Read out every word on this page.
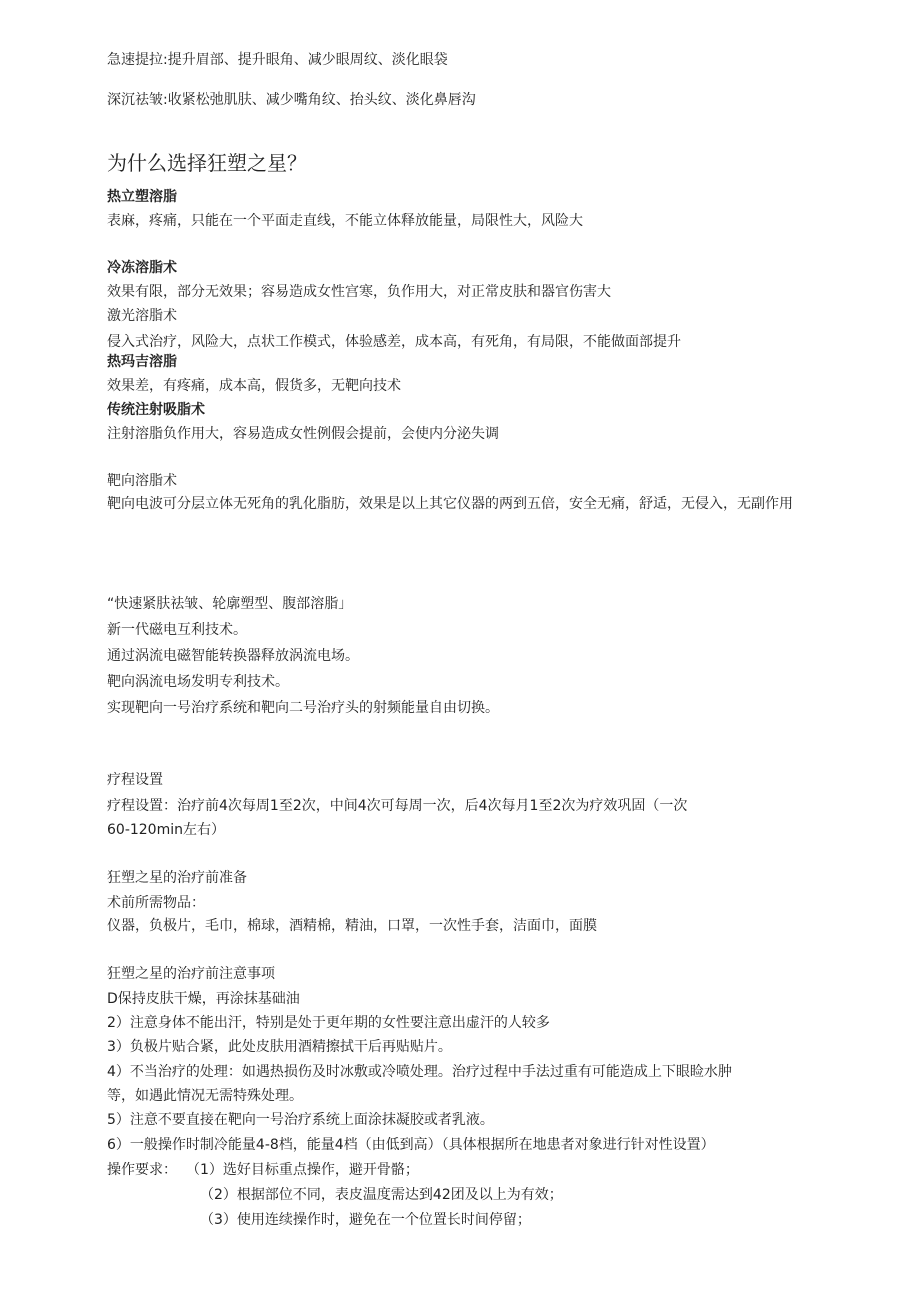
急速提拉:提升眉部、提升眼角、减少眼周纹、淡化眼袋
深沉祛皱:收紧松弛肌肤、减少嘴角纹、抬头纹、淡化鼻唇沟
为什么选择狂塑之星？
热立塑溶脂
表麻，疼痛，只能在一个平面走直线，不能立体释放能量，局限性大，风险大
冷冻溶脂术
效果有限，部分无效果；容易造成女性宫寒，负作用大，对正常皮肤和器官伤害大
激光溶脂术
侵入式治疗，风险大，点状工作模式，体验感差，成本高，有死角，有局限，不能做面部提升
热玛吉溶脂
效果差，有疼痛，成本高，假货多，无靶向技术
传统注射吸脂术
注射溶脂负作用大，容易造成女性例假会提前，会使内分泌失调
靶向溶脂术
靶向电波可分层立体无死角的乳化脂肪，效果是以上其它仪器的两到五倍，安全无痛，舒适，无侵入，无副作用
“快速紧肤祛皱、轮廓塑型、腹部溶脂」
新一代磁电互利技术。
通过涡流电磁智能转换器释放涡流电场。
靶向涡流电场发明专利技术。
实现靶向一号治疗系统和靶向二号治疗头的射频能量自由切换。
疗程设置
疗程设置：治疗前4次每周1至2次，中间4次可每周一次，后4次每月1至2次为疗效巩固（一次
60-120min左右）
狂塑之星的治疗前准备
术前所需物品：
仪器，负极片，毛巾，棉球，酒精棉，精油，口罩，一次性手套，洁面巾，面膜
狂塑之星的治疗前注意事项
D保持皮肤干燥，再涂抹基础油
2）注意身体不能出汗，特别是处于更年期的女性要注意出虚汗的人较多
3）负极片贴合紧，此处皮肤用酒精擦拭干后再贴贴片。
4）不当治疗的处理：如遇热损伤及时冰敷或冷喷处理。治疗过程中手法过重有可能造成上下眼睑水肿
等，如遇此情况无需特殊处理。
5）注意不要直接在靶向一号治疗系统上面涂抹凝胶或者乳液。
6）一般操作时制冷能量4-8档，能量4档（由低到高）（具体根据所在地患者对象进行针对性设置）
操作要求： （1）选好目标重点操作，避开骨骼；
（2）根据部位不同，表皮温度需达到42团及以上为有效；
（3）使用连续操作时，避免在一个位置长时间停留；
